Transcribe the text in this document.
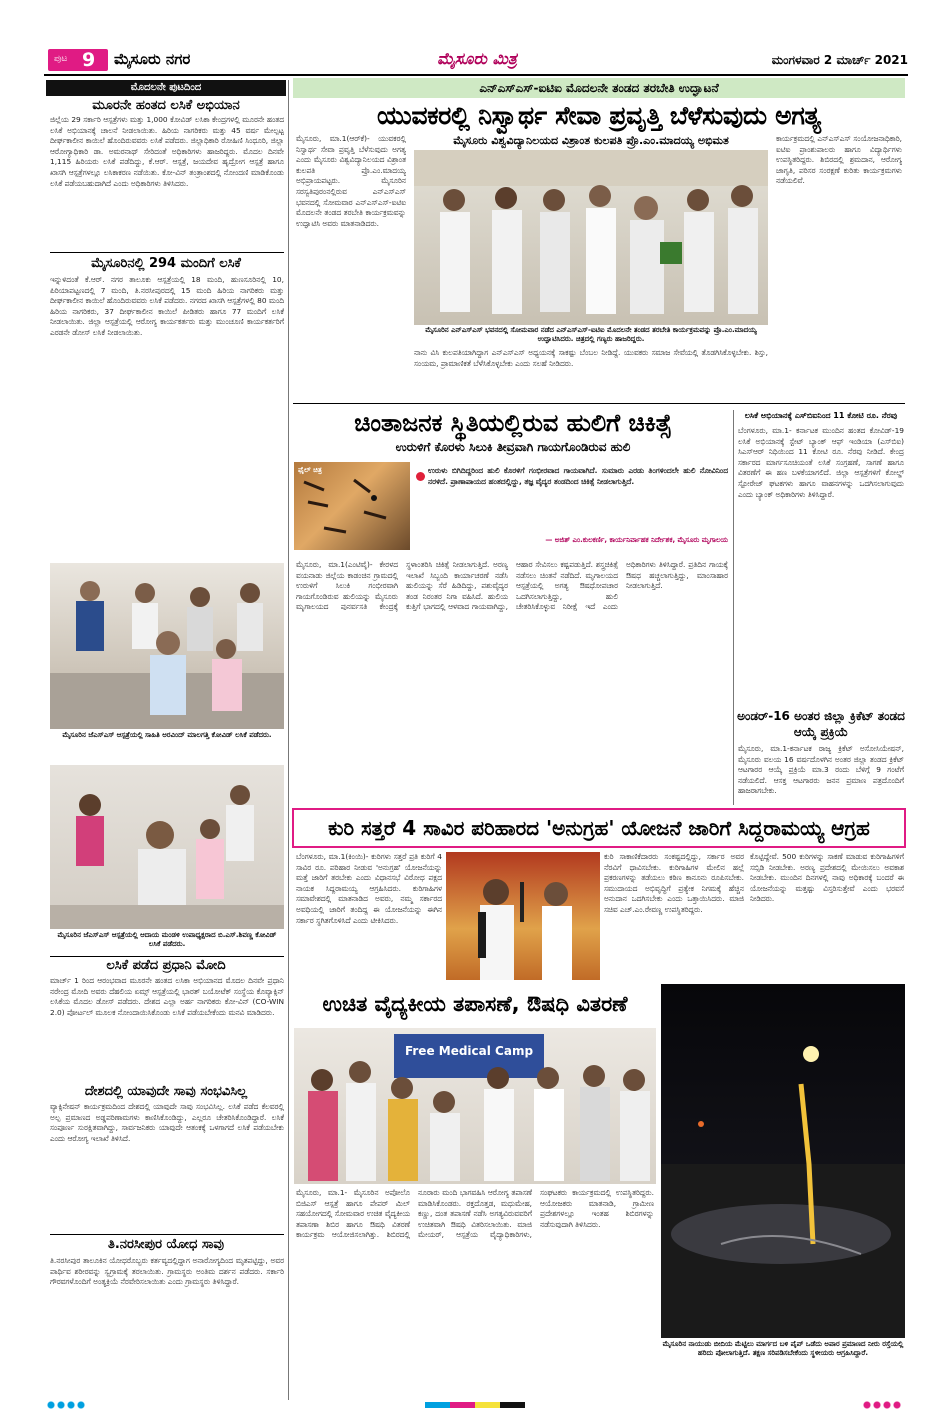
ಪುಟ 9 ಮೈಸೂರು ನಗರ	ಮೈಸೂರು ಮಿತ್ರ	ಮಂಗಳವಾರ 2 ಮಾರ್ಚ್ 2021
ಮೊದಲನೇ ಪುಟದಿಂದ
ಮೂರನೇ ಹಂತದ ಲಸಿಕೆ ಅಭಿಯಾನ
ಜಿಲ್ಲೆಯ 29 ಸರ್ಕಾರಿ ಆಸ್ಪತ್ರೆಗಳು ಮತ್ತು 1,000 ಕೋವಿಡ್ ಲಸಿಕಾ ಕೇಂದ್ರಗಳಲ್ಲಿ ಮೂರನೇ ಹಂತದ ಲಸಿಕೆ ಅಭಿಯಾನಕ್ಕೆ ಚಾಲನೆ ನೀಡಲಾಯಿತು. ಹಿರಿಯ ನಾಗರಿಕರು ಮತ್ತು 45 ವರ್ಷ ಮೇಲ್ಪಟ್ಟ ದೀರ್ಘಕಾಲೀನ ಕಾಯಿಲೆ ಹೊಂದಿರುವವರು ಲಸಿಕೆ ಪಡೆದರು. ಜಿಲ್ಲಾಧಿಕಾರಿ ರೋಹಿಣಿ ಸಿಂಧೂರಿ, ಜಿಲ್ಲಾ ಆರೋಗ್ಯಾಧಿಕಾರಿ ಡಾ. ಅಮರನಾಥ್ ಸೇರಿದಂತೆ ಅಧಿಕಾರಿಗಳು ಹಾಜರಿದ್ದರು. ಮೊದಲ ದಿನವೇ 1,115 ಹಿರಿಯರು ಲಸಿಕೆ ಪಡೆದಿದ್ದು, ಕೆ.ಆರ್. ಆಸ್ಪತ್ರೆ, ಜಯದೇವ ಹೃದ್ರೋಗ ಆಸ್ಪತ್ರೆ ಹಾಗೂ ಖಾಸಗಿ ಆಸ್ಪತ್ರೆಗಳಲ್ಲೂ ಲಸಿಕಾಕರಣ ನಡೆಯಿತು. ಕೋ-ವಿನ್ ತಂತ್ರಾಂಶದಲ್ಲಿ ನೋಂದಣಿ ಮಾಡಿಕೊಂಡು ಲಸಿಕೆ ಪಡೆಯಬಹುದಾಗಿದೆ ಎಂದು ಅಧಿಕಾರಿಗಳು ತಿಳಿಸಿದರು.
ಮೈಸೂರಿನಲ್ಲಿ 294 ಮಂದಿಗೆ ಲಸಿಕೆ
ಇನ್ನುಳಿದಂತೆ ಕೆ.ಆರ್. ನಗರ ತಾಲೂಕು ಆಸ್ಪತ್ರೆಯಲ್ಲಿ 18 ಮಂದಿ, ಹುಣಸೂರಿನಲ್ಲಿ 10, ಪಿರಿಯಾಪಟ್ಟಣದಲ್ಲಿ 7 ಮಂದಿ, ತಿ.ನರಸೀಪುರದಲ್ಲಿ 15 ಮಂದಿ ಹಿರಿಯ ನಾಗರಿಕರು ಮತ್ತು ದೀರ್ಘಕಾಲೀನ ಕಾಯಿಲೆ ಹೊಂದಿರುವವರು ಲಸಿಕೆ ಪಡೆದರು. ನಗರದ ಖಾಸಗಿ ಆಸ್ಪತ್ರೆಗಳಲ್ಲಿ 80 ಮಂದಿ ಹಿರಿಯ ನಾಗರಿಕರು, 37 ದೀರ್ಘಕಾಲೀನ ಕಾಯಿಲೆ ಪೀಡಿತರು ಹಾಗೂ 77 ಮಂದಿಗೆ ಲಸಿಕೆ ನೀಡಲಾಯಿತು. ಜಿಲ್ಲಾ ಆಸ್ಪತ್ರೆಯಲ್ಲಿ ಆರೋಗ್ಯ ಕಾರ್ಯಕರ್ತರು ಮತ್ತು ಮುಂಚೂಣಿ ಕಾರ್ಯಕರ್ತರಿಗೆ ಎರಡನೇ ಡೋಸ್ ಲಸಿಕೆ ನೀಡಲಾಯಿತು.
ಮೈಸೂರಿನ ಜೆಎಸ್‌ಎಸ್ ಆಸ್ಪತ್ರೆಯಲ್ಲಿ ಸಾಹಿತಿ ಅರವಿಂದ್ ಮಾಲಗತ್ತಿ ಕೋವಿಡ್ ಲಸಿಕೆ ಪಡೆದರು.
ಮೈಸೂರಿನ ಜೆಎಸ್‌ಎಸ್ ಆಸ್ಪತ್ರೆಯಲ್ಲಿ ಆದಾಯ ಮಂಡಳಿ ಉಪಾಧ್ಯಕ್ಷರಾದ ಬಿ.ಎಸ್.ಶಿವಣ್ಣ ಕೋವಿಡ್ ಲಸಿಕೆ ಪಡೆದರು.
ಲಸಿಕೆ ಪಡೆದ ಪ್ರಧಾನಿ ಮೋದಿ
ಮಾರ್ಚ್ 1 ರಿಂದ ಆರಂಭವಾದ ಮೂರನೇ ಹಂತದ ಲಸಿಕಾ ಅಭಿಯಾನದ ಮೊದಲ ದಿನವೇ ಪ್ರಧಾನಿ ನರೇಂದ್ರ ಮೋದಿ ಅವರು ದೆಹಲಿಯ ಏಮ್ಸ್ ಆಸ್ಪತ್ರೆಯಲ್ಲಿ ಭಾರತ್ ಬಯೋಟೆಕ್ ಸಂಸ್ಥೆಯ ಕೊವ್ಯಾಕ್ಸಿನ್ ಲಸಿಕೆಯ ಮೊದಲ ಡೋಸ್ ಪಡೆದರು. ದೇಶದ ಎಲ್ಲಾ ಅರ್ಹ ನಾಗರಿಕರು ಕೋ-ವಿನ್ (CO-WIN 2.0) ಪೋರ್ಟಲ್ ಮೂಲಕ ನೋಂದಾಯಿಸಿಕೊಂಡು ಲಸಿಕೆ ಪಡೆಯಬೇಕೆಂದು ಮನವಿ ಮಾಡಿದರು.
ದೇಶದಲ್ಲಿ ಯಾವುದೇ ಸಾವು ಸಂಭವಿಸಿಲ್ಲ
ವ್ಯಾಕ್ಸಿನೇಷನ್ ಕಾರ್ಯಕ್ರಮದಿಂದ ದೇಶದಲ್ಲಿ ಯಾವುದೇ ಸಾವು ಸಂಭವಿಸಿಲ್ಲ. ಲಸಿಕೆ ಪಡೆದ ಕೆಲವರಲ್ಲಿ ಅಲ್ಪ ಪ್ರಮಾಣದ ಅಡ್ಡಪರಿಣಾಮಗಳು ಕಾಣಿಸಿಕೊಂಡಿದ್ದು, ಎಲ್ಲರೂ ಚೇತರಿಸಿಕೊಂಡಿದ್ದಾರೆ. ಲಸಿಕೆ ಸಂಪೂರ್ಣ ಸುರಕ್ಷಿತವಾಗಿದ್ದು, ಸಾರ್ವಜನಿಕರು ಯಾವುದೇ ಆತಂಕಕ್ಕೆ ಒಳಗಾಗದೆ ಲಸಿಕೆ ಪಡೆಯಬೇಕು ಎಂದು ಆರೋಗ್ಯ ಇಲಾಖೆ ತಿಳಿಸಿದೆ.
ತಿ.ನರಸೀಪುರ ಯೋಧ ಸಾವು
ತಿ.ನರಸೀಪುರ ತಾಲೂಕಿನ ಯೋಧರೊಬ್ಬರು ಕರ್ತವ್ಯದಲ್ಲಿದ್ದಾಗ ಅನಾರೋಗ್ಯದಿಂದ ಮೃತಪಟ್ಟಿದ್ದು, ಅವರ ಪಾರ್ಥಿವ ಶರೀರವನ್ನು ಸ್ವಗ್ರಾಮಕ್ಕೆ ತರಲಾಯಿತು. ಗ್ರಾಮಸ್ಥರು ಅಂತಿಮ ದರ್ಶನ ಪಡೆದರು. ಸರ್ಕಾರಿ ಗೌರವಗಳೊಂದಿಗೆ ಅಂತ್ಯಕ್ರಿಯೆ ನೆರವೇರಿಸಲಾಯಿತು ಎಂದು ಗ್ರಾಮಸ್ಥರು ತಿಳಿಸಿದ್ದಾರೆ.
ಎನ್‌ಎಸ್‌ಎಸ್-ಐಟಿಐ ಮೊದಲನೇ ತಂಡದ ತರಬೇತಿ ಉದ್ಘಾಟನೆ
ಯುವಕರಲ್ಲಿ ನಿಸ್ವಾರ್ಥ ಸೇವಾ ಪ್ರವೃತ್ತಿ ಬೆಳೆಸುವುದು ಅಗತ್ಯ
ಮೈಸೂರು, ಮಾ.1(ಆರ್‌ಕೆ)- ಯುವಕರಲ್ಲಿ ನಿಸ್ವಾರ್ಥ ಸೇವಾ ಪ್ರವೃತ್ತಿ ಬೆಳೆಸುವುದು ಅಗತ್ಯ ಎಂದು ಮೈಸೂರು ವಿಶ್ವವಿದ್ಯಾನಿಲಯದ ವಿಶ್ರಾಂತ ಕುಲಪತಿ ಪ್ರೊ.ಎಂ.ಮಾದಯ್ಯ ಅಭಿಪ್ರಾಯಪಟ್ಟರು. ಮೈಸೂರಿನ ಸರಸ್ವತಿಪುರಂನಲ್ಲಿರುವ ಎನ್‌ಎಸ್‌ಎಸ್ ಭವನದಲ್ಲಿ ಸೋಮವಾರ ಎನ್‌ಎಸ್‌ಎಸ್-ಐಟಿಐ ಮೊದಲನೇ ತಂಡದ ತರಬೇತಿ ಕಾರ್ಯಕ್ರಮವನ್ನು ಉದ್ಘಾಟಿಸಿ ಅವರು ಮಾತನಾಡಿದರು.
ಮೈಸೂರು ವಿಶ್ವವಿದ್ಯಾನಿಲಯದ ವಿಶ್ರಾಂತ ಕುಲಪತಿ ಪ್ರೊ.ಎಂ.ಮಾದಯ್ಯ ಅಭಿಮತ
ಮೈಸೂರಿನ ಎನ್‌ಎಸ್‌ಎಸ್ ಭವನದಲ್ಲಿ ಸೋಮವಾರ ನಡೆದ ಎನ್‌ಎಸ್‌ಎಸ್-ಐಟಿಐ ಮೊದಲನೇ ತಂಡದ ತರಬೇತಿ ಕಾರ್ಯಕ್ರಮವನ್ನು ಪ್ರೊ.ಎಂ.ಮಾದಯ್ಯ ಉದ್ಘಾಟಿಸಿದರು. ಚಿತ್ರದಲ್ಲಿ ಗಣ್ಯರು ಹಾಜರಿದ್ದರು.
ನಾನು ವಿಸಿ ಕುಲಪತಿಯಾಗಿದ್ದಾಗ ಎನ್‌ಎಸ್‌ಎಸ್ ಅಧ್ಯಯನಕ್ಕೆ ಸಾಕಷ್ಟು ಬೆಂಬಲ ನೀಡಿದ್ದೆ. ಯುವಕರು ಸಮಾಜ ಸೇವೆಯಲ್ಲಿ ತೊಡಗಿಸಿಕೊಳ್ಳಬೇಕು. ಶಿಸ್ತು, ಸಂಯಮ, ಪ್ರಾಮಾಣಿಕತೆ ಬೆಳೆಸಿಕೊಳ್ಳಬೇಕು ಎಂದು ಸಲಹೆ ನೀಡಿದರು.
ಕಾರ್ಯಕ್ರಮದಲ್ಲಿ ಎನ್‌ಎಸ್‌ಎಸ್ ಸಂಯೋಜನಾಧಿಕಾರಿ, ಐಟಿಐ ಪ್ರಾಂಶುಪಾಲರು ಹಾಗೂ ವಿದ್ಯಾರ್ಥಿಗಳು ಉಪಸ್ಥಿತರಿದ್ದರು. ಶಿಬಿರದಲ್ಲಿ ಶ್ರಮದಾನ, ಆರೋಗ್ಯ ಜಾಗೃತಿ, ಪರಿಸರ ಸಂರಕ್ಷಣೆ ಕುರಿತು ಕಾರ್ಯಕ್ರಮಗಳು ನಡೆಯಲಿವೆ.
ಚಿಂತಾಜನಕ ಸ್ಥಿತಿಯಲ್ಲಿರುವ ಹುಲಿಗೆ ಚಿಕಿತ್ಸೆ
ಉರುಳಿಗೆ ಕೊರಳು ಸಿಲುಕಿ ತೀವ್ರವಾಗಿ ಗಾಯಗೊಂಡಿರುವ ಹುಲಿ
ಫೈಲ್ ಚಿತ್ರ	ಉರುಳು ಬಿಗಿದಿದ್ದರಿಂದ ಹುಲಿ ಕೊರಳಿಗೆ ಗಂಭೀರವಾದ ಗಾಯವಾಗಿದೆ. ಸುಮಾರು ಎರಡು ತಿಂಗಳಿಂದಲೇ ಹುಲಿ ನೋವಿನಿಂದ ನರಳಿದೆ. ಪ್ರಾಣಾಪಾಯದ ಹಂತದಲ್ಲಿದ್ದು, ತಜ್ಞ ವೈದ್ಯರ ತಂಡದಿಂದ ಚಿಕಿತ್ಸೆ ನೀಡಲಾಗುತ್ತಿದೆ.
— ಅಜಿತ್ ಎಂ.ಕುಲಕರ್ಣಿ, ಕಾರ್ಯನಿರ್ವಾಹಕ ನಿರ್ದೇಶಕ, ಮೈಸೂರು ಮೃಗಾಲಯ
ಮೈಸೂರು, ಮಾ.1(ಎಂಟಿವೈ)- ಕೇರಳದ ವಯನಾಡು ಜಿಲ್ಲೆಯ ಕಾಡಂಚಿನ ಗ್ರಾಮದಲ್ಲಿ ಉರುಳಿಗೆ ಸಿಲುಕಿ ಗಂಭೀರವಾಗಿ ಗಾಯಗೊಂಡಿರುವ ಹುಲಿಯನ್ನು ಮೈಸೂರು ಮೃಗಾಲಯದ ಪುನರ್ವಸತಿ ಕೇಂದ್ರಕ್ಕೆ ಸ್ಥಳಾಂತರಿಸಿ ಚಿಕಿತ್ಸೆ ನೀಡಲಾಗುತ್ತಿದೆ. ಅರಣ್ಯ ಇಲಾಖೆ ಸಿಬ್ಬಂದಿ ಕಾರ್ಯಾಚರಣೆ ನಡೆಸಿ ಹುಲಿಯನ್ನು ಸೆರೆ ಹಿಡಿದಿದ್ದು, ಪಶುವೈದ್ಯರ ತಂಡ ನಿರಂತರ ನಿಗಾ ವಹಿಸಿದೆ. ಹುಲಿಯ ಕುತ್ತಿಗೆ ಭಾಗದಲ್ಲಿ ಆಳವಾದ ಗಾಯವಾಗಿದ್ದು, ಆಹಾರ ಸೇವಿಸಲು ಕಷ್ಟಪಡುತ್ತಿದೆ. ಶಸ್ತ್ರಚಿಕಿತ್ಸೆ ನಡೆಸಲು ಚಿಂತನೆ ನಡೆದಿದೆ. ಮೃಗಾಲಯದ ಆಸ್ಪತ್ರೆಯಲ್ಲಿ ಅಗತ್ಯ ಔಷಧೋಪಚಾರ ಒದಗಿಸಲಾಗುತ್ತಿದ್ದು, ಹುಲಿ ಚೇತರಿಸಿಕೊಳ್ಳುವ ನಿರೀಕ್ಷೆ ಇದೆ ಎಂದು ಅಧಿಕಾರಿಗಳು ತಿಳಿಸಿದ್ದಾರೆ. ಪ್ರತಿದಿನ ಗಾಯಕ್ಕೆ ಔಷಧ ಹಚ್ಚಲಾಗುತ್ತಿದ್ದು, ಮಾಂಸಾಹಾರ ನೀಡಲಾಗುತ್ತಿದೆ.
ಲಸಿಕೆ ಅಭಿಯಾನಕ್ಕೆ ಎಸ್‌ಬಿಐನಿಂದ 11 ಕೋಟಿ ರೂ. ನೆರವು
ಬೆಂಗಳೂರು, ಮಾ.1- ಕರ್ನಾಟಕ ಮುಂದಿನ ಹಂತದ ಕೋವಿಡ್-19 ಲಸಿಕೆ ಅಭಿಯಾನಕ್ಕೆ ಸ್ಟೇಟ್ ಬ್ಯಾಂಕ್ ಆಫ್ ಇಂಡಿಯಾ (ಎಸ್‌ಬಿಐ) ಸಿಎಸ್‌ಆರ್ ನಿಧಿಯಿಂದ 11 ಕೋಟಿ ರೂ. ನೆರವು ನೀಡಿದೆ. ಕೇಂದ್ರ ಸರ್ಕಾರದ ಮಾರ್ಗಸೂಚಿಯಂತೆ ಲಸಿಕೆ ಸಂಗ್ರಹಣೆ, ಸಾಗಣೆ ಹಾಗೂ ವಿತರಣೆಗೆ ಈ ಹಣ ಬಳಕೆಯಾಗಲಿದೆ. ಜಿಲ್ಲಾ ಆಸ್ಪತ್ರೆಗಳಿಗೆ ಕೋಲ್ಡ್ ಸ್ಟೋರೇಜ್ ಘಟಕಗಳು ಹಾಗೂ ವಾಹನಗಳನ್ನು ಒದಗಿಸಲಾಗುವುದು ಎಂದು ಬ್ಯಾಂಕ್ ಅಧಿಕಾರಿಗಳು ತಿಳಿಸಿದ್ದಾರೆ.
ಅಂಡರ್-16 ಅಂತರ ಜಿಲ್ಲಾ ಕ್ರಿಕೆಟ್ ತಂಡದ ಆಯ್ಕೆ ಪ್ರಕ್ರಿಯೆ
ಮೈಸೂರು, ಮಾ.1-ಕರ್ನಾಟಕ ರಾಜ್ಯ ಕ್ರಿಕೆಟ್ ಅಸೋಸಿಯೇಷನ್, ಮೈಸೂರು ವಲಯ 16 ವರ್ಷದೊಳಗಿನ ಅಂತರ ಜಿಲ್ಲಾ ತಂಡದ ಕ್ರಿಕೆಟ್ ಆಟಗಾರರ ಆಯ್ಕೆ ಪ್ರಕ್ರಿಯೆ ಮಾ.3 ರಂದು ಬೆಳಿಗ್ಗೆ 9 ಗಂಟೆಗೆ ನಡೆಯಲಿದೆ. ಆಸಕ್ತ ಆಟಗಾರರು ಜನನ ಪ್ರಮಾಣ ಪತ್ರದೊಂದಿಗೆ ಹಾಜರಾಗಬೇಕು.
ಕುರಿ ಸತ್ತರೆ 4 ಸಾವಿರ ಪರಿಹಾರದ 'ಅನುಗ್ರಹ' ಯೋಜನೆ ಜಾರಿಗೆ ಸಿದ್ದರಾಮಯ್ಯ ಆಗ್ರಹ
ಬೆಂಗಳೂರು, ಮಾ.1(ಕಿಂಯಿ)- ಕುರಿಗಳು ಸತ್ತರೆ ಪ್ರತಿ ಕುರಿಗೆ 4 ಸಾವಿರ ರೂ. ಪರಿಹಾರ ನೀಡುವ 'ಅನುಗ್ರಹ' ಯೋಜನೆಯನ್ನು ಮತ್ತೆ ಜಾರಿಗೆ ತರಬೇಕು ಎಂದು ವಿಧಾನಸಭೆ ವಿರೋಧ ಪಕ್ಷದ ನಾಯಕ ಸಿದ್ದರಾಮಯ್ಯ ಆಗ್ರಹಿಸಿದರು. ಕುರಿಗಾಹಿಗಳ ಸಮಾವೇಶದಲ್ಲಿ ಮಾತನಾಡಿದ ಅವರು, ನಮ್ಮ ಸರ್ಕಾರದ ಅವಧಿಯಲ್ಲಿ ಜಾರಿಗೆ ತಂದಿದ್ದ ಈ ಯೋಜನೆಯನ್ನು ಈಗಿನ ಸರ್ಕಾರ ಸ್ಥಗಿತಗೊಳಿಸಿದೆ ಎಂದು ಟೀಕಿಸಿದರು.
ಕುರಿ ಸಾಕಾಣಿಕೆದಾರರು ಸಂಕಷ್ಟದಲ್ಲಿದ್ದು, ಸರ್ಕಾರ ಅವರ ನೆರವಿಗೆ ಧಾವಿಸಬೇಕು. ಕುರಿಗಾಹಿಗಳ ಮೇಲಿನ ಹಲ್ಲೆ ಪ್ರಕರಣಗಳನ್ನು ತಡೆಯಲು ಕಠಿಣ ಕಾನೂನು ರೂಪಿಸಬೇಕು. ಸಮುದಾಯದ ಅಭಿವೃದ್ಧಿಗೆ ಪ್ರತ್ಯೇಕ ನಿಗಮಕ್ಕೆ ಹೆಚ್ಚಿನ ಅನುದಾನ ಒದಗಿಸಬೇಕು ಎಂದು ಒತ್ತಾಯಿಸಿದರು. ಮಾಜಿ ಸಚಿವ ಎಚ್.ಎಂ.ರೇವಣ್ಣ ಉಪಸ್ಥಿತರಿದ್ದರು.
ಕೊಟ್ಟಿದ್ದೇವೆ. 500 ಕುರಿಗಳನ್ನು ಸಾಕಣೆ ಮಾಡುವ ಕುರಿಗಾಹಿಗಳಿಗೆ ಸಬ್ಸಿಡಿ ನೀಡಬೇಕು. ಅರಣ್ಯ ಪ್ರದೇಶದಲ್ಲಿ ಮೇಯಿಸಲು ಅವಕಾಶ ನೀಡಬೇಕು. ಮುಂದಿನ ದಿನಗಳಲ್ಲಿ ನಾವು ಅಧಿಕಾರಕ್ಕೆ ಬಂದರೆ ಈ ಯೋಜನೆಯನ್ನು ಮತ್ತಷ್ಟು ವಿಸ್ತರಿಸುತ್ತೇವೆ ಎಂದು ಭರವಸೆ ನೀಡಿದರು.
ಉಚಿತ ವೈದ್ಯಕೀಯ ತಪಾಸಣೆ, ಔಷಧಿ ವಿತರಣೆ
Free Medical Camp
ಮೈಸೂರು, ಮಾ.1- ಮೈಸೂರಿನ ಅಪೋಲೊ ಬಿಜಿಎಸ್ ಆಸ್ಪತ್ರೆ ಹಾಗೂ ಪೇಪರ್ ಮಿಲ್ ಸಹಯೋಗದಲ್ಲಿ ಸೋಮವಾರ ಉಚಿತ ವೈದ್ಯಕೀಯ ತಪಾಸಣಾ ಶಿಬಿರ ಹಾಗೂ ಔಷಧಿ ವಿತರಣೆ ಕಾರ್ಯಕ್ರಮ ಆಯೋಜಿಸಲಾಗಿತ್ತು. ಶಿಬಿರದಲ್ಲಿ ನೂರಾರು ಮಂದಿ ಭಾಗವಹಿಸಿ ಆರೋಗ್ಯ ತಪಾಸಣೆ ಮಾಡಿಸಿಕೊಂಡರು. ರಕ್ತದೊತ್ತಡ, ಮಧುಮೇಹ, ಕಣ್ಣು, ದಂತ ತಪಾಸಣೆ ನಡೆಸಿ ಅಗತ್ಯವಿರುವವರಿಗೆ ಉಚಿತವಾಗಿ ಔಷಧಿ ವಿತರಿಸಲಾಯಿತು. ಮಾಜಿ ಮೇಯರ್, ಆಸ್ಪತ್ರೆಯ ವೈದ್ಯಾಧಿಕಾರಿಗಳು, ಸಂಘಟಕರು ಕಾರ್ಯಕ್ರಮದಲ್ಲಿ ಉಪಸ್ಥಿತರಿದ್ದರು. ಆಯೋಜಕರು ಮಾತನಾಡಿ, ಗ್ರಾಮೀಣ ಪ್ರದೇಶಗಳಲ್ಲೂ ಇಂತಹ ಶಿಬಿರಗಳನ್ನು ನಡೆಸುವುದಾಗಿ ತಿಳಿಸಿದರು.
ಮೈಸೂರಿನ ನಾಯುಡು ಬೀದಿಯ ಮೆಟ್ಟಿಲು ಮಾರ್ಗದ ಬಳಿ ಪೈಪ್ ಒಡೆದು ಅಪಾರ ಪ್ರಮಾಣದ ನೀರು ರಸ್ತೆಯಲ್ಲಿ ಹರಿದು ಪೋಲಾಗುತ್ತಿದೆ. ತಕ್ಷಣ ಸರಿಪಡಿಸಬೇಕೆಂದು ಸ್ಥಳೀಯರು ಆಗ್ರಹಿಸಿದ್ದಾರೆ.
